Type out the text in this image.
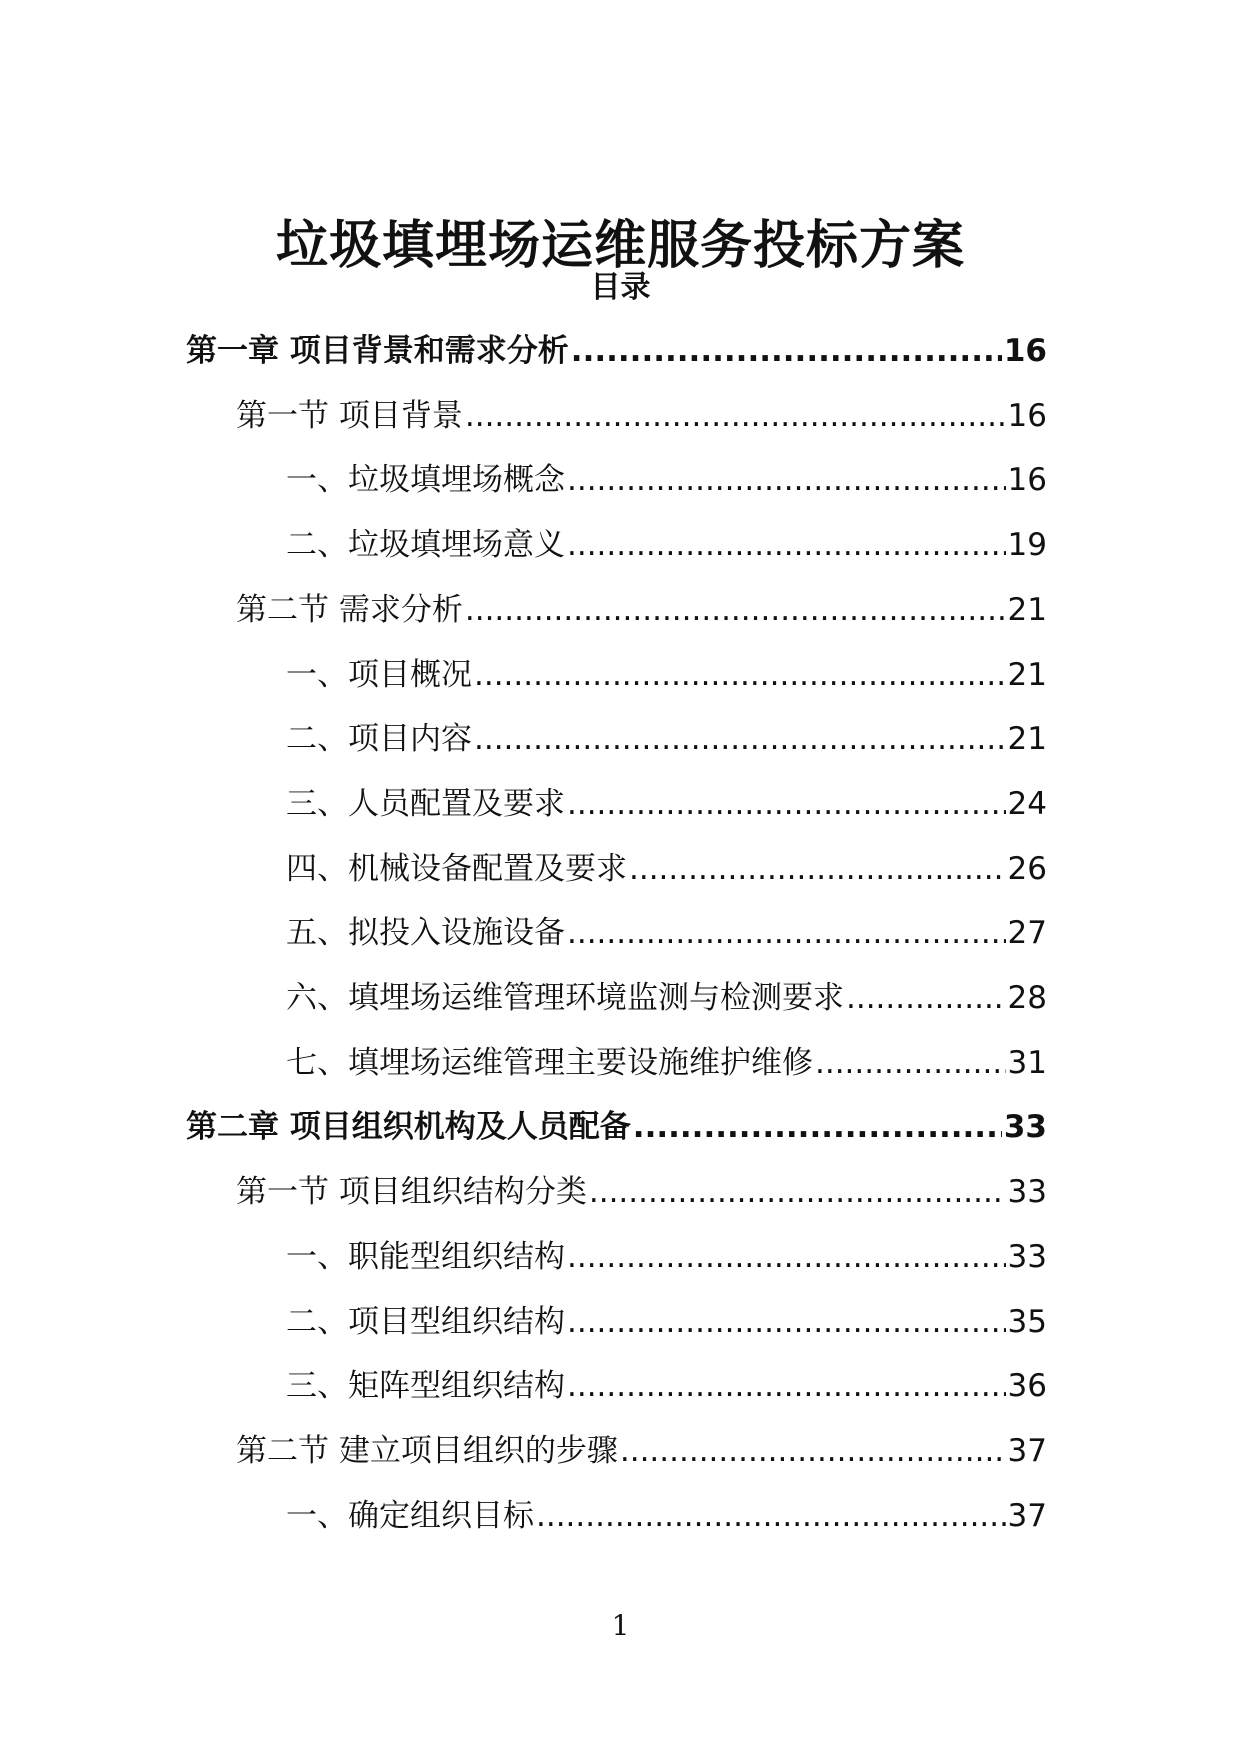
垃圾填埋场运维服务投标方案
目录
第一章 项目背景和需求分析 .....	16
第一节 项目背景 .....	16
一、垃圾填埋场概念 .....	16
二、垃圾填埋场意义 .....	19
第二节 需求分析 .....	21
一、项目概况 .....	21
二、项目内容 .....	21
三、人员配置及要求 .....	24
四、机械设备配置及要求 .....	26
五、拟投入设施设备 .....	27
六、填埋场运维管理环境监测与检测要求 .....	28
七、填埋场运维管理主要设施维护维修 .....	31
第二章 项目组织机构及人员配备 .....	33
第一节 项目组织结构分类 .....	33
一、职能型组织结构 .....	33
二、项目型组织结构 .....	35
三、矩阵型组织结构 .....	36
第二节 建立项目组织的步骤 .....	37
一、确定组织目标 .....	37
1
